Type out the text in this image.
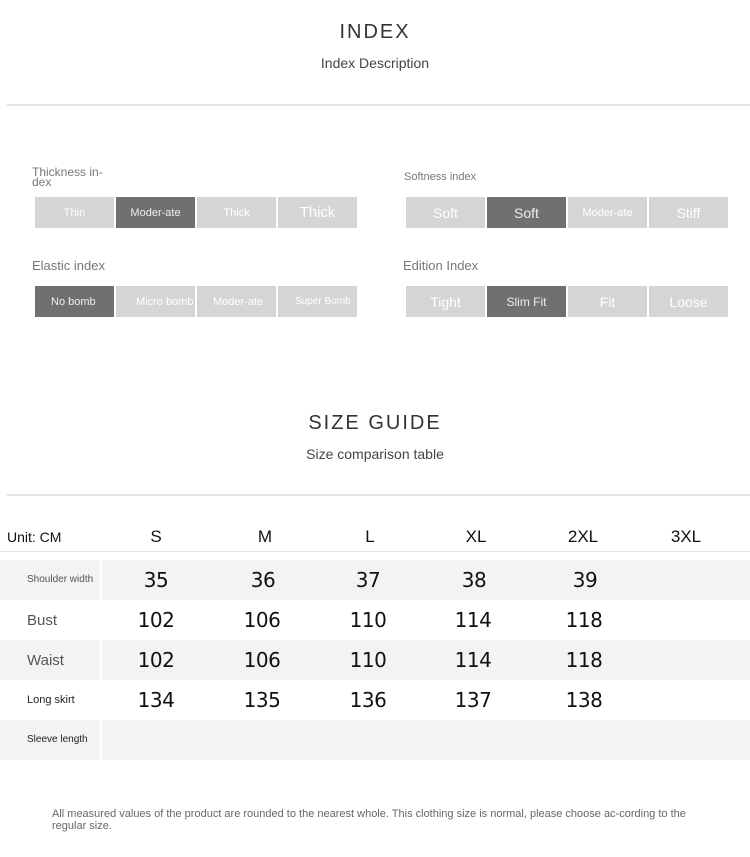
INDEX
Index Description
Thickness in-dex
Thin	Moder-ate	Thick	Thick
Softness index
Soft	Soft	Moder-ate	Stiff
Elastic index
No bomb	Micro bomb	Moder-ate	Super Bomb
Edition Index
Tight	Slim Fit	Fit	Loose
SIZE GUIDE
Size comparison table
Unit: CM	S	M	L	XL	2XL	3XL
Shoulder width	35	36	37	38	39
Bust	102	106	110	114	118
Waist	102	106	110	114	118
Long skirt	134	135	136	137	138
Sleeve length
All measured values of the product are rounded to the nearest whole. This clothing size is normal, please choose ac-cording to the regular size.
